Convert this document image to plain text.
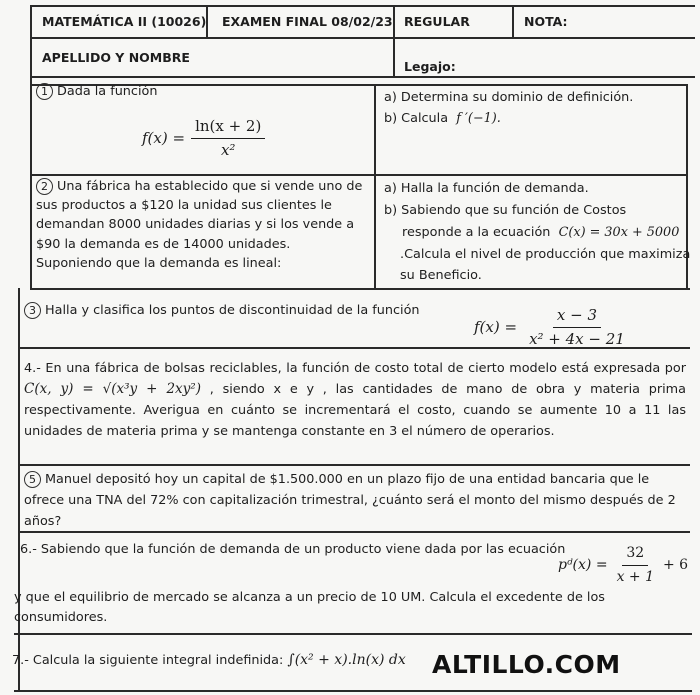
MATEMÁTICA II (10026)	EXAMEN FINAL 08/02/23 REGULAR	NOTA:
APELLIDO Y NOMBRE
Legajo:
1 Dada la función
$f(x) = \frac{\ln(x + 2)}{\text{x²}}$
a) Determina su dominio de definición.
b) Calcula f ′(−1).
2 Una fábrica ha establecido que si vende uno de sus productos a $120 la unidad sus clientes le demandan 8000 unidades diarias y si los vende a $90 la demanda es de 14000 unidades. Suponiendo que la demanda es lineal:
a) Halla la función de demanda.
b) Sabiendo que su función de Costos
responde a la ecuación C(x) = 30x + 5000
.Calcula el nivel de producción que maximiza
su Beneficio.
3 Halla y clasifica los puntos de discontinuidad de la función
$f(x) = \frac{x - 3}{\text{x² + 4x − 21}}$
4.- En una fábrica de bolsas reciclables, la función de costo total de cierto modelo está expresada por C(x, y) = √(x³y + 2xy²) , siendo x e y , las cantidades de mano de obra y materia prima respectivamente. Averigua en cuánto se incrementará el costo, cuando se aumente 10 a 11 las unidades de materia prima y se mantenga constante en 3 el número de operarios.
5 Manuel depositó hoy un capital de $1.500.000 en un plazo fijo de una entidad bancaria que le ofrece una TNA del 72% con capitalización trimestral, ¿cuánto será el monto del mismo después de 2 años?
6.- Sabiendo que la función de demanda de un producto viene dada por las ecuación
pᵈ(x) = $\frac{32}{x + 1} + 6$
y que el equilibrio de mercado se alcanza a un precio de 10 UM. Calcula el excedente de los consumidores.
7.- Calcula la siguiente integral indefinida: ∫(x² + x).ln(x) dx ALTILLO.COM
